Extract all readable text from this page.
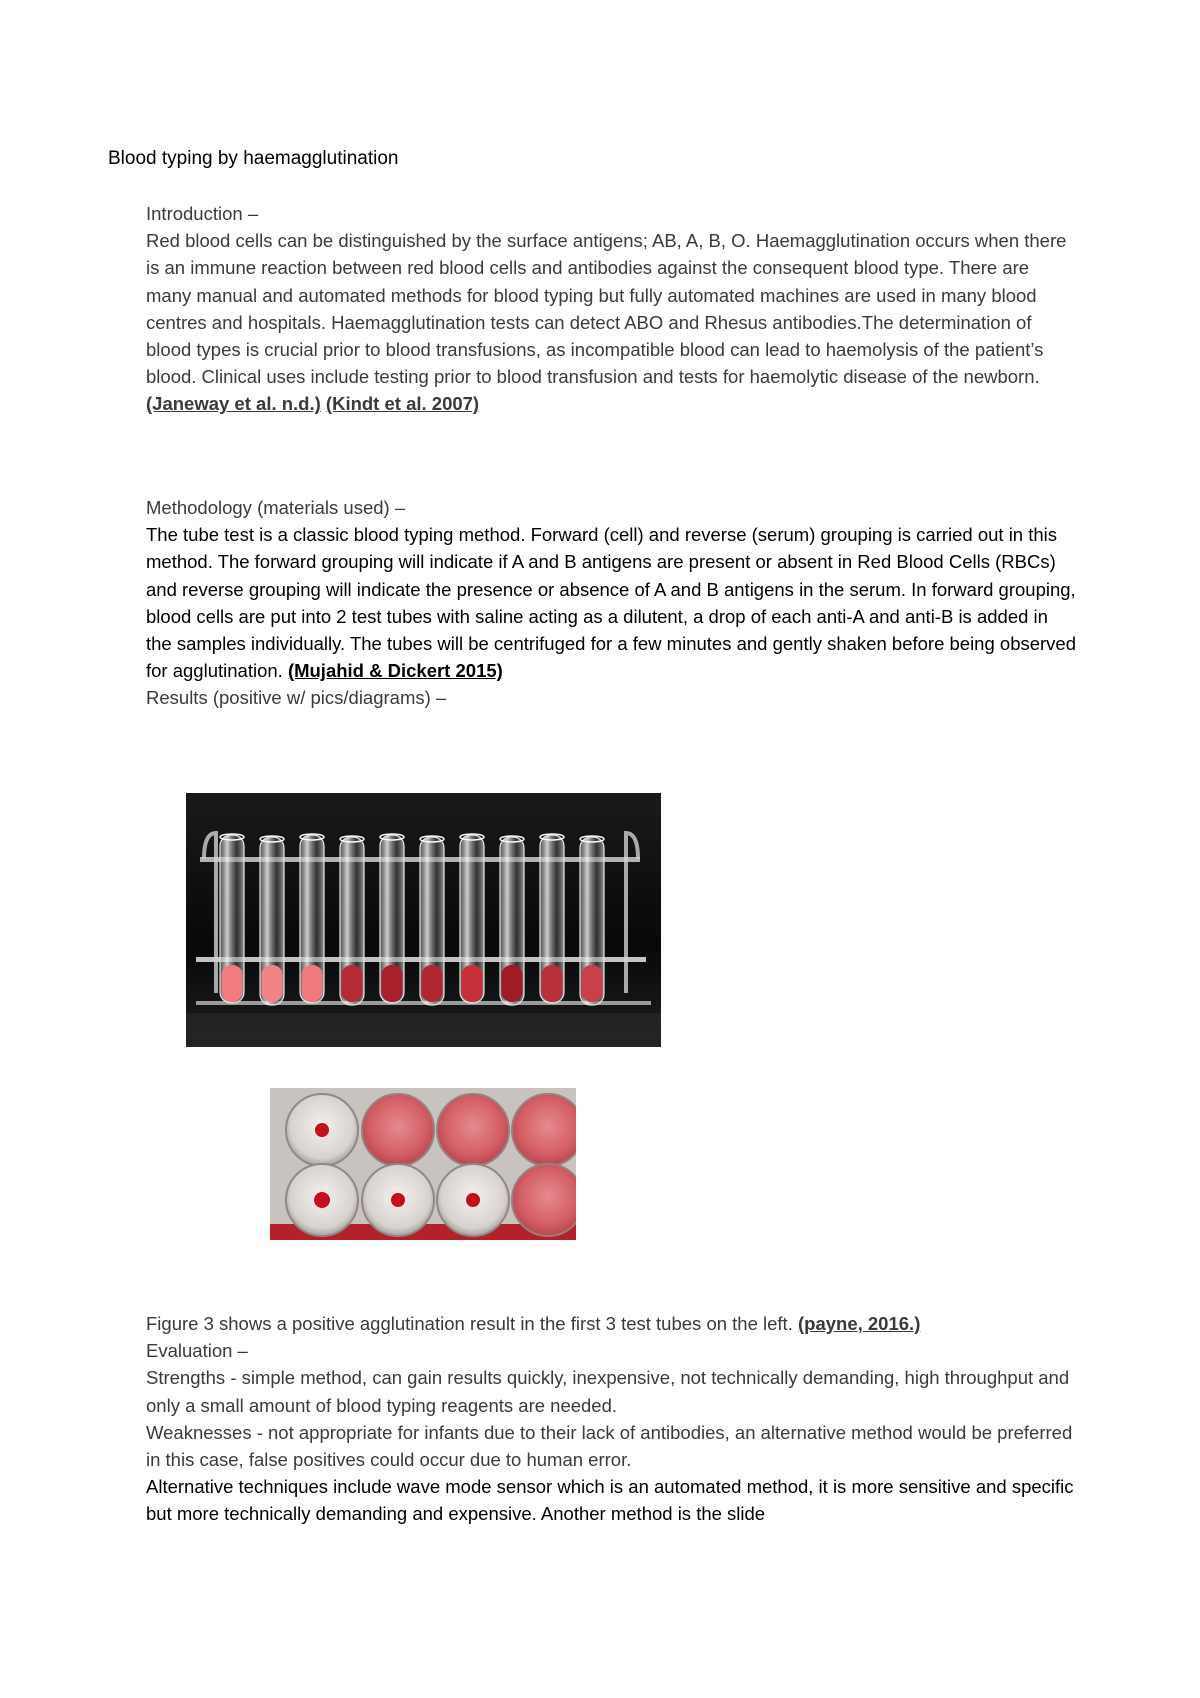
Blood typing by haemagglutination

Introduction –

Red blood cells can be distinguished by the surface antigens; AB, A, B, O. Haemagglutination occurs when there is an immune reaction between red blood cells and antibodies against the consequent blood type. There are many manual and automated methods for blood typing but fully automated machines are used in many blood centres and hospitals. Haemagglutination tests can detect ABO and Rhesus antibodies.The determination of blood types is crucial prior to blood transfusions, as incompatible blood can lead to haemolysis of the patient’s blood. Clinical uses include testing prior to blood transfusion and tests for haemolytic disease of the newborn. (Janeway et al. n.d.) (Kindt et al. 2007)

Methodology (materials used) –

The tube test is a classic blood typing method. Forward (cell) and reverse (serum) grouping is carried out in this method. The forward grouping will indicate if A and B antigens are present or absent in Red Blood Cells (RBCs) and reverse grouping will indicate the presence or absence of A and B antigens in the serum. In forward grouping, blood cells are put into 2 test tubes with saline acting as a dilutent, a drop of each anti-A and anti-B is added in the samples individually. The tubes will be centrifuged for a few minutes and gently shaken before being observed for agglutination. (Mujahid & Dickert 2015)

Results (positive w/ pics/diagrams) –

Figure 3 shows a positive agglutination result in the first 3 test tubes on the left. (payne, 2016.)

Evaluation –

Strengths - simple method, can gain results quickly, inexpensive, not technically demanding, high throughput and only a small amount of blood typing reagents are needed.

Weaknesses - not appropriate for infants due to their lack of antibodies, an alternative method would be preferred in this case, false positives could occur due to human error.

Alternative techniques include wave mode sensor which is an automated method, it is more sensitive and specific but more technically demanding and expensive. Another method is the slide
